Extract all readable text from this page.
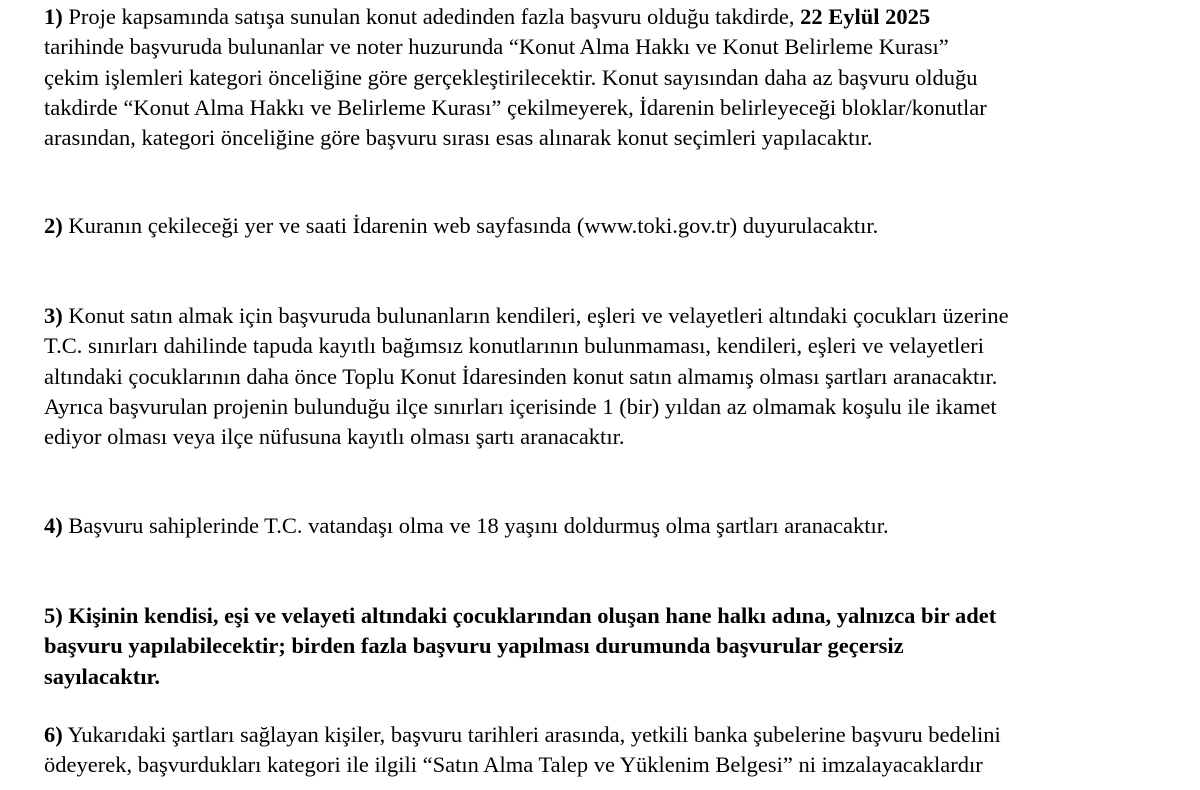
1) Proje kapsamında satışa sunulan konut adedinden fazla başvuru olduğu takdirde, 22 Eylül 2025
tarihinde başvuruda bulunanlar ve noter huzurunda “Konut Alma Hakkı ve Konut Belirleme Kurası”
çekim işlemleri kategori önceliğine göre gerçekleştirilecektir. Konut sayısından daha az başvuru olduğu
takdirde “Konut Alma Hakkı ve Belirleme Kurası” çekilmeyerek, İdarenin belirleyeceği bloklar/konutlar
arasından, kategori önceliğine göre başvuru sırası esas alınarak konut seçimleri yapılacaktır.

2) Kuranın çekileceği yer ve saati İdarenin web sayfasında (www.toki.gov.tr) duyurulacaktır.

3) Konut satın almak için başvuruda bulunanların kendileri, eşleri ve velayetleri altındaki çocukları üzerine
T.C. sınırları dahilinde tapuda kayıtlı bağımsız konutlarının bulunmaması, kendileri, eşleri ve velayetleri
altındaki çocuklarının daha önce Toplu Konut İdaresinden konut satın almamış olması şartları aranacaktır.
Ayrıca başvurulan projenin bulunduğu ilçe sınırları içerisinde 1 (bir) yıldan az olmamak koşulu ile ikamet
ediyor olması veya ilçe nüfusuna kayıtlı olması şartı aranacaktır.

4) Başvuru sahiplerinde T.C. vatandaşı olma ve 18 yaşını doldurmuş olma şartları aranacaktır.

5) Kişinin kendisi, eşi ve velayeti altındaki çocuklarından oluşan hane halkı adına, yalnızca bir adet
başvuru yapılabilecektir; birden fazla başvuru yapılması durumunda başvurular geçersiz
sayılacaktır.

6) Yukarıdaki şartları sağlayan kişiler, başvuru tarihleri arasında, yetkili banka şubelerine başvuru bedelini
ödeyerek, başvurdukları kategori ile ilgili “Satın Alma Talep ve Yüklenim Belgesi” ni imzalayacaklardır
